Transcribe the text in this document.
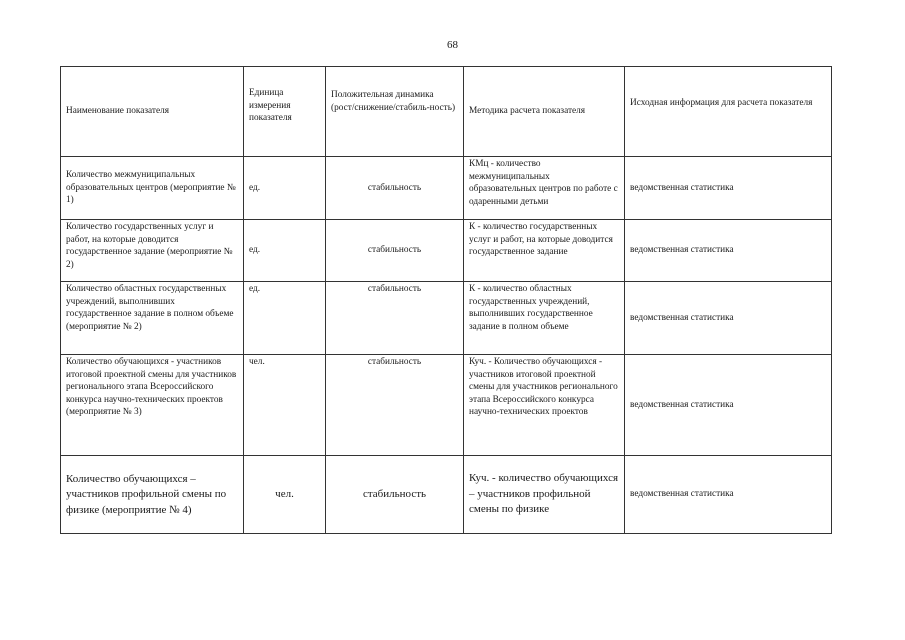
68
Наименование показателя	Единица измерения показателя	Положительная динамика (рост/снижение/стабиль-ность)	Методика расчета показателя	Исходная информация для расчета показателя
Количество межмуниципальных образовательных центров (мероприятие № 1)	ед.	стабильность	КМц - количество межмуниципальных образовательных центров по работе с одаренными детьми	ведомственная статистика
Количество государственных услуг и работ, на которые доводится государственное задание (мероприятие № 2)	ед.	стабильность	К - количество государственных услуг и работ, на которые доводится государственное задание	ведомственная статистика
Количество областных государственных учреждений, выполнивших государственное задание в полном объеме (мероприятие № 2)	ед.	стабильность	К - количество областных государственных учреждений, выполнивших государственное задание в полном объеме	ведомственная статистика
Количество обучающихся - участников итоговой проектной смены для участников регионального этапа Всероссийского конкурса научно-технических проектов (мероприятие № 3)	чел.	стабильность	Куч. - Количество обучающихся - участников итоговой проектной смены для участников регионального этапа Всероссийского конкурса научно-технических проектов	ведомственная статистика
Количество обучающихся – участников профильной смены по физике (мероприятие № 4)	чел.	стабильность	Куч. - количество обучающихся – участников профильной смены по физике	ведомственная статистика
